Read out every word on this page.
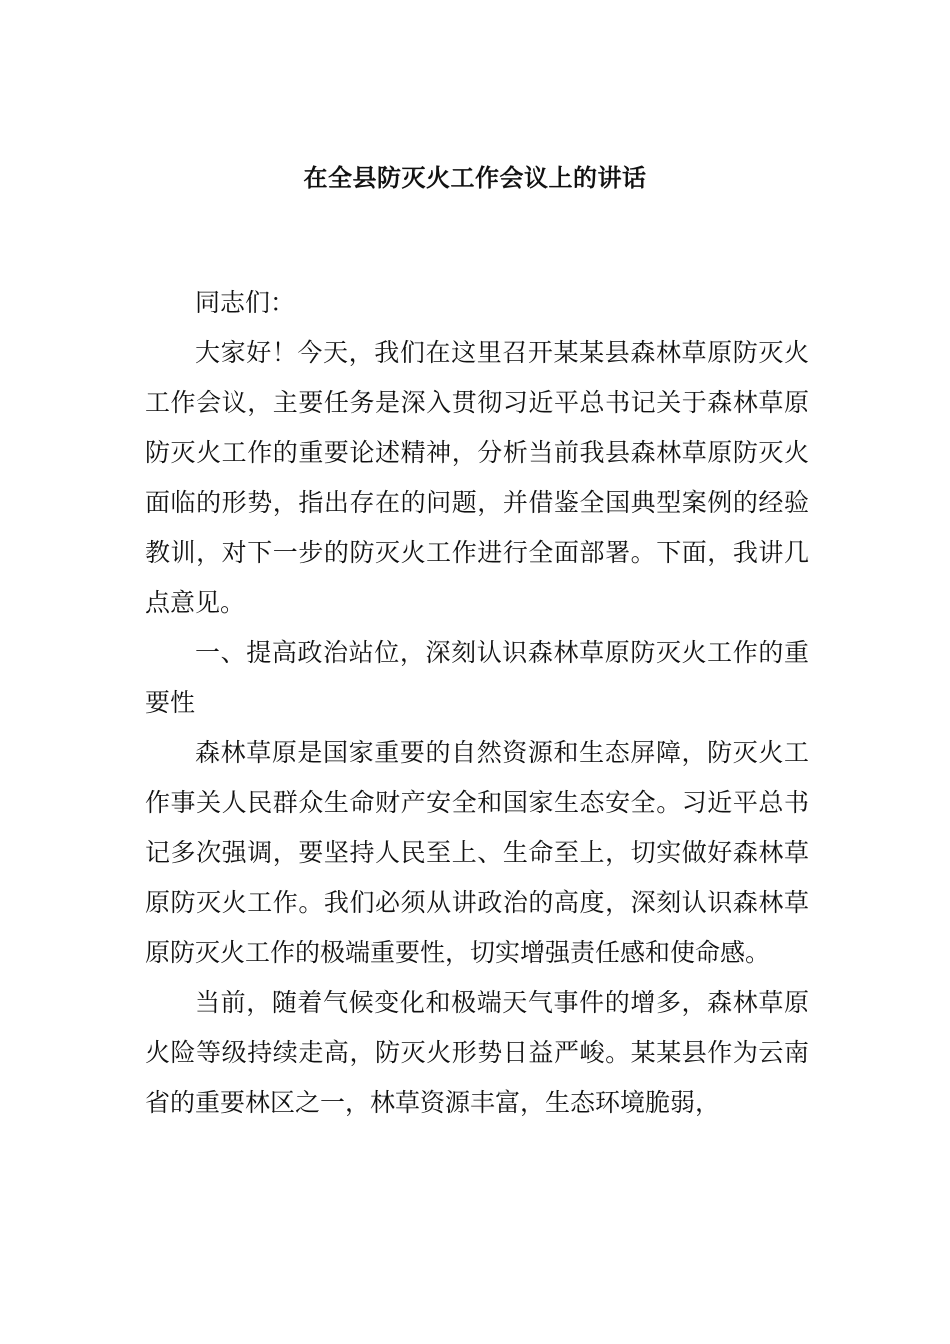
在全县防灭火工作会议上的讲话

同志们：

大家好！今天，我们在这里召开某某县森林草原防灭火工作会议，主要任务是深入贯彻习近平总书记关于森林草原防灭火工作的重要论述精神，分析当前我县森林草原防灭火面临的形势，指出存在的问题，并借鉴全国典型案例的经验教训，对下一步的防灭火工作进行全面部署。下面，我讲几点意见。

一、提高政治站位，深刻认识森林草原防灭火工作的重要性

森林草原是国家重要的自然资源和生态屏障，防灭火工作事关人民群众生命财产安全和国家生态安全。习近平总书记多次强调，要坚持人民至上、生命至上，切实做好森林草原防灭火工作。我们必须从讲政治的高度，深刻认识森林草原防灭火工作的极端重要性，切实增强责任感和使命感。

当前，随着气候变化和极端天气事件的增多，森林草原火险等级持续走高，防灭火形势日益严峻。某某县作为云南省的重要林区之一，林草资源丰富，生态环境脆弱，
